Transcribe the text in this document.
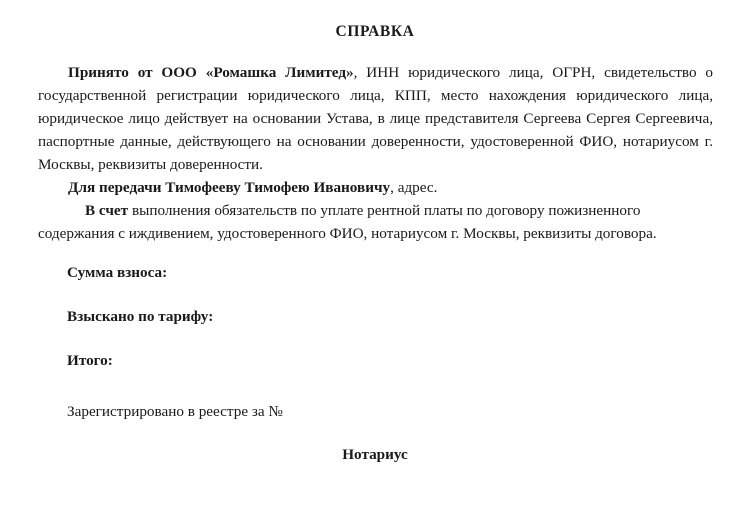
СПРАВКА

Принято от ООО «Ромашка Лимитед», ИНН юридического лица, ОГРН, свидетельство о государственной регистрации юридического лица, КПП, место нахождения юридического лица, юридическое лицо действует на основании Устава, в лице представителя Сергеева Сергея Сергеевича, паспортные данные, действующего на основании доверенности, удостоверенной ФИО, нотариусом г. Москвы, реквизиты доверенности.

Для передачи Тимофееву Тимофею Ивановичу, адрес.

В счет выполнения обязательств по уплате рентной платы по договору пожизненного содержания с иждивением, удостоверенного ФИО, нотариусом г. Москвы, реквизиты договора.

Сумма взноса:
Взыскано по тарифу:
Итого:
Зарегистрировано в реестре за №
Нотариус
